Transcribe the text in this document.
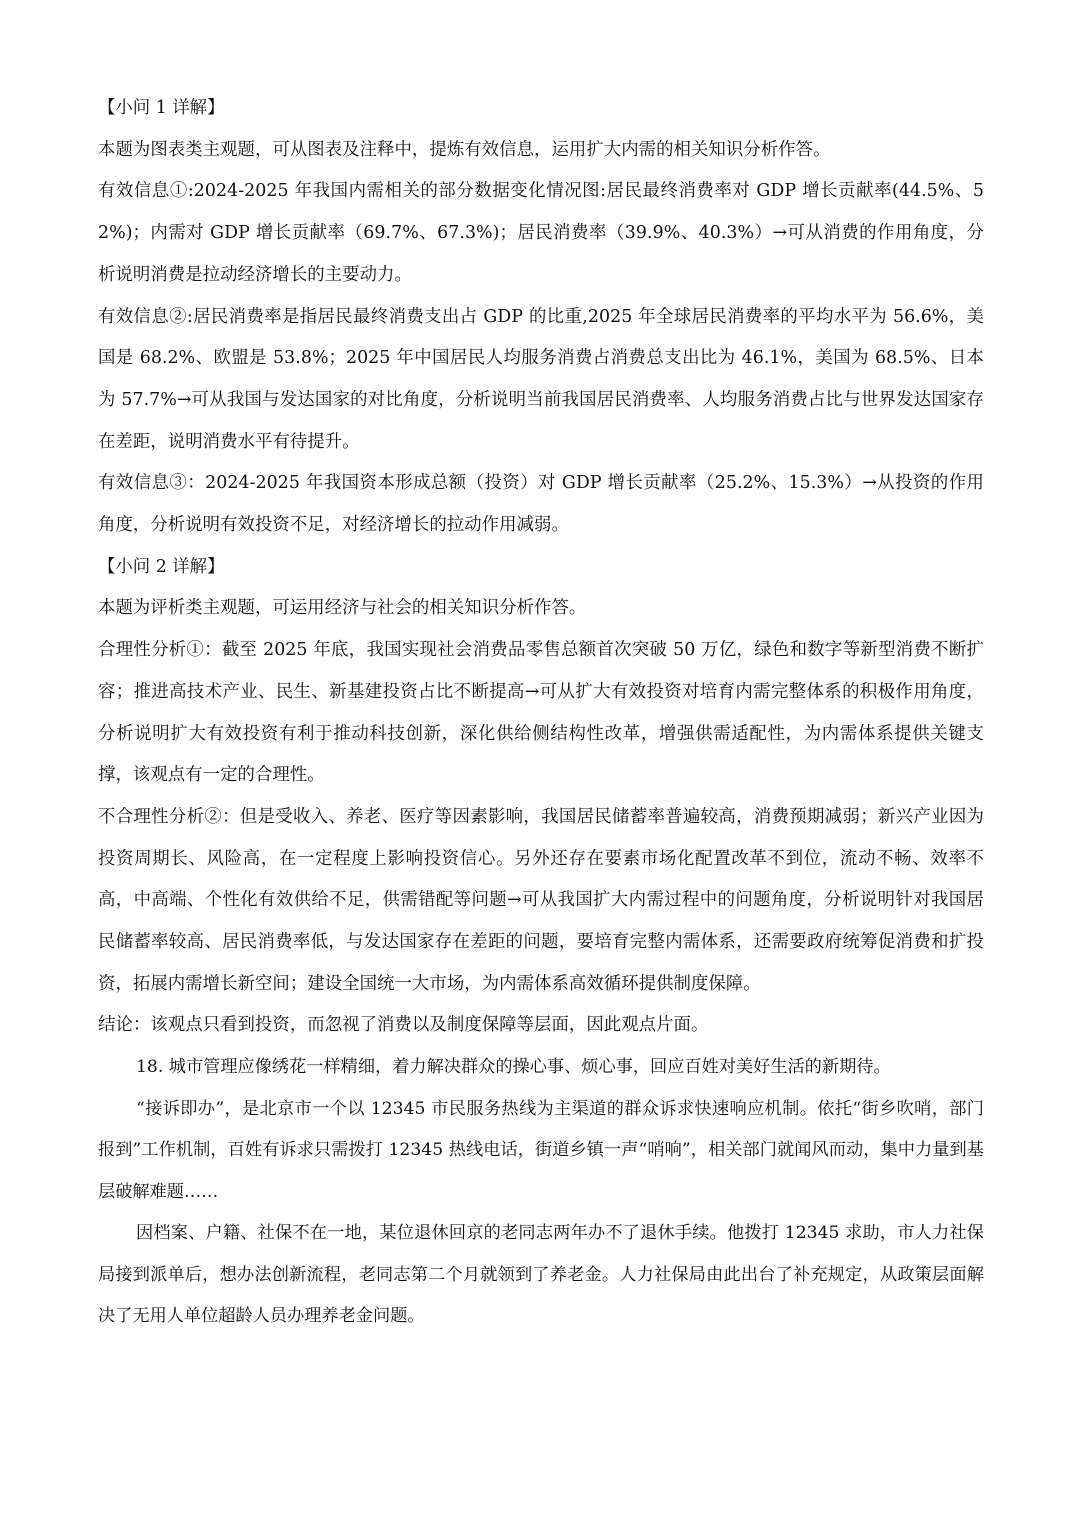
【小问 1 详解】

本题为图表类主观题，可从图表及注释中，提炼有效信息，运用扩大内需的相关知识分析作答。

有效信息①:2024-2025 年我国内需相关的部分数据变化情况图:居民最终消费率对 GDP 增长贡献率(44.5%、52%)；内需对 GDP 增长贡献率（69.7%、67.3%)；居民消费率（39.9%、40.3%）→可从消费的作用角度，分析说明消费是拉动经济增长的主要动力。

有效信息②:居民消费率是指居民最终消费支出占 GDP 的比重,2025 年全球居民消费率的平均水平为 56.6%，美国是 68.2%、欧盟是 53.8%；2025 年中国居民人均服务消费占消费总支出比为 46.1%，美国为 68.5%、日本为 57.7%→可从我国与发达国家的对比角度，分析说明当前我国居民消费率、人均服务消费占比与世界发达国家存在差距，说明消费水平有待提升。

有效信息③：2024-2025 年我国资本形成总额（投资）对 GDP 增长贡献率（25.2%、15.3%）→从投资的作用角度，分析说明有效投资不足，对经济增长的拉动作用减弱。

【小问 2 详解】

本题为评析类主观题，可运用经济与社会的相关知识分析作答。

合理性分析①：截至 2025 年底，我国实现社会消费品零售总额首次突破 50 万亿，绿色和数字等新型消费不断扩容；推进高技术产业、民生、新基建投资占比不断提高→可从扩大有效投资对培育内需完整体系的积极作用角度，分析说明扩大有效投资有利于推动科技创新，深化供给侧结构性改革，增强供需适配性，为内需体系提供关键支撑，该观点有一定的合理性。

不合理性分析②：但是受收入、养老、医疗等因素影响，我国居民储蓄率普遍较高，消费预期减弱；新兴产业因为投资周期长、风险高，在一定程度上影响投资信心。另外还存在要素市场化配置改革不到位，流动不畅、效率不高，中高端、个性化有效供给不足，供需错配等问题→可从我国扩大内需过程中的问题角度，分析说明针对我国居民储蓄率较高、居民消费率低，与发达国家存在差距的问题，要培育完整内需体系，还需要政府统筹促消费和扩投资，拓展内需增长新空间；建设全国统一大市场，为内需体系高效循环提供制度保障。

结论：该观点只看到投资，而忽视了消费以及制度保障等层面，因此观点片面。

18. 城市管理应像绣花一样精细，着力解决群众的操心事、烦心事，回应百姓对美好生活的新期待。

“接诉即办”，是北京市一个以 12345 市民服务热线为主渠道的群众诉求快速响应机制。依托“街乡吹哨，部门报到”工作机制，百姓有诉求只需拨打 12345 热线电话，街道乡镇一声“哨响”，相关部门就闻风而动，集中力量到基层破解难题……

因档案、户籍、社保不在一地，某位退休回京的老同志两年办不了退休手续。他拨打 12345 求助，市人力社保局接到派单后，想办法创新流程，老同志第二个月就领到了养老金。人力社保局由此出台了补充规定，从政策层面解决了无用人单位超龄人员办理养老金问题。
